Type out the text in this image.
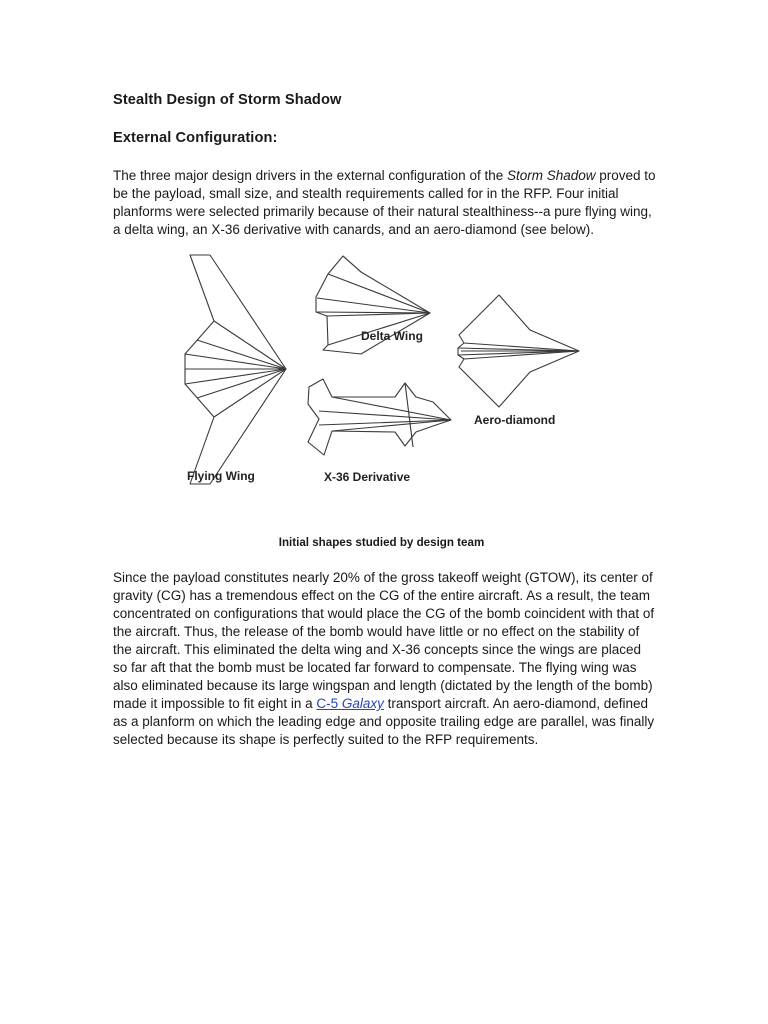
Stealth Design of Storm Shadow
External Configuration:

The three major design drivers in the external configuration of the Storm Shadow proved to be the payload, small size, and stealth requirements called for in the RFP. Four initial planforms were selected primarily because of their natural stealthiness--a pure flying wing, a delta wing, an X-36 derivative with canards, and an aero-diamond (see below).

Flying Wing
Delta Wing
X-36 Derivative
Aero-diamond
Initial shapes studied by design team

Since the payload constitutes nearly 20% of the gross takeoff weight (GTOW), its center of gravity (CG) has a tremendous effect on the CG of the entire aircraft. As a result, the team concentrated on configurations that would place the CG of the bomb coincident with that of the aircraft. Thus, the release of the bomb would have little or no effect on the stability of the aircraft. This eliminated the delta wing and X-36 concepts since the wings are placed so far aft that the bomb must be located far forward to compensate. The flying wing was also eliminated because its large wingspan and length (dictated by the length of the bomb) made it impossible to fit eight in a C-5 Galaxy transport aircraft. An aero-diamond, defined as a planform on which the leading edge and opposite trailing edge are parallel, was finally selected because its shape is perfectly suited to the RFP requirements.
